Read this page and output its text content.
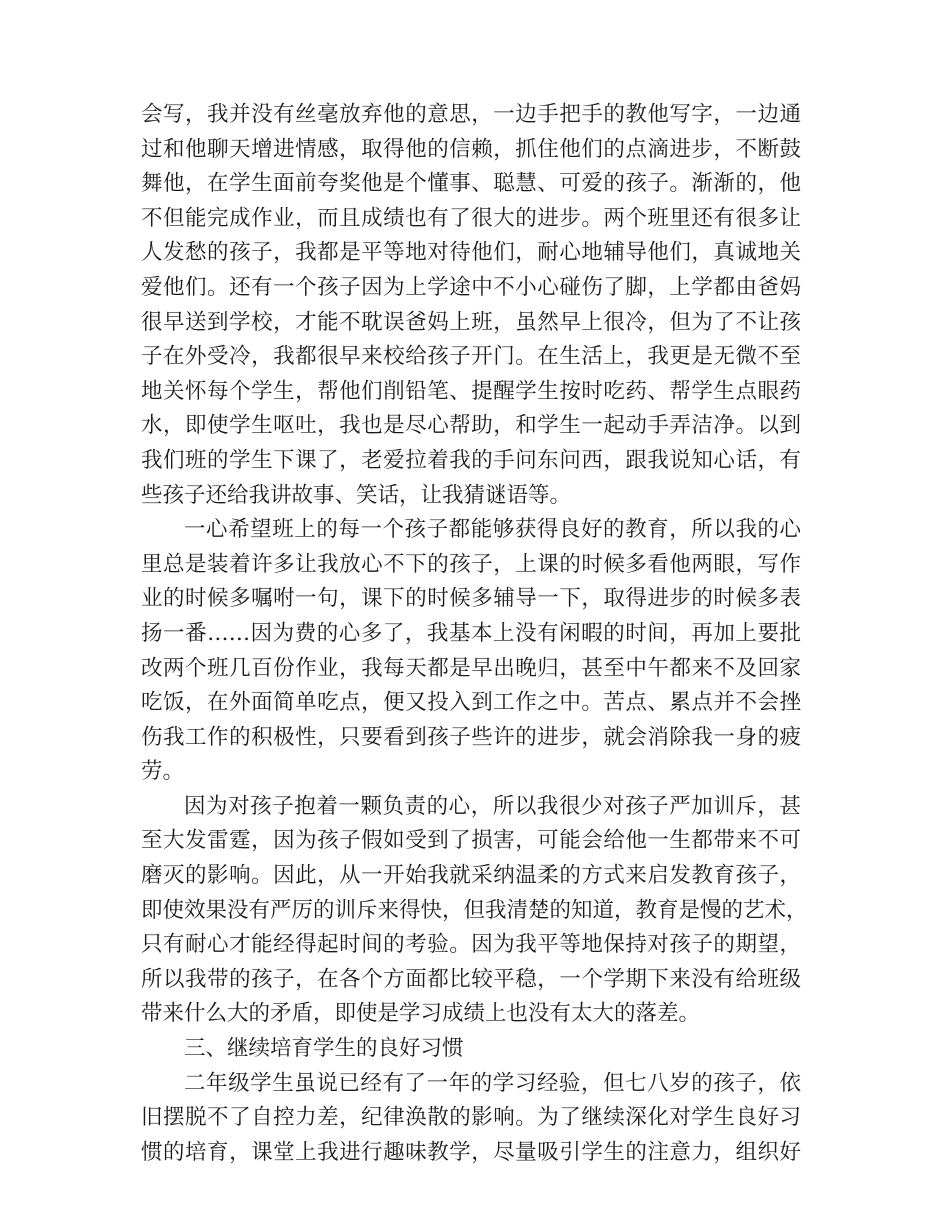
会写，我并没有丝毫放弃他的意思，一边手把手的教他写字，一边通
过和他聊天增进情感，取得他的信赖，抓住他们的点滴进步，不断鼓
舞他，在学生面前夸奖他是个懂事、聪慧、可爱的孩子。渐渐的，他
不但能完成作业，而且成绩也有了很大的进步。两个班里还有很多让
人发愁的孩子，我都是平等地对待他们，耐心地辅导他们，真诚地关
爱他们。还有一个孩子因为上学途中不小心碰伤了脚，上学都由爸妈
很早送到学校，才能不耽误爸妈上班，虽然早上很冷，但为了不让孩
子在外受冷，我都很早来校给孩子开门。在生活上，我更是无微不至
地关怀每个学生，帮他们削铅笔、提醒学生按时吃药、帮学生点眼药
水，即使学生呕吐，我也是尽心帮助，和学生一起动手弄洁净。以到
我们班的学生下课了，老爱拉着我的手问东问西，跟我说知心话，有
些孩子还给我讲故事、笑话，让我猜谜语等。
一心希望班上的每一个孩子都能够获得良好的教育，所以我的心
里总是装着许多让我放心不下的孩子，上课的时候多看他两眼，写作
业的时候多嘱咐一句，课下的时候多辅导一下，取得进步的时候多表
扬一番……因为费的心多了，我基本上没有闲暇的时间，再加上要批
改两个班几百份作业，我每天都是早出晚归，甚至中午都来不及回家
吃饭，在外面简单吃点，便又投入到工作之中。苦点、累点并不会挫
伤我工作的积极性，只要看到孩子些许的进步，就会消除我一身的疲
劳。
因为对孩子抱着一颗负责的心，所以我很少对孩子严加训斥，甚
至大发雷霆，因为孩子假如受到了损害，可能会给他一生都带来不可
磨灭的影响。因此，从一开始我就采纳温柔的方式来启发教育孩子，
即使效果没有严厉的训斥来得快，但我清楚的知道，教育是慢的艺术，
只有耐心才能经得起时间的考验。因为我平等地保持对孩子的期望，
所以我带的孩子，在各个方面都比较平稳，一个学期下来没有给班级
带来什么大的矛盾，即使是学习成绩上也没有太大的落差。
三、继续培育学生的良好习惯
二年级学生虽说已经有了一年的学习经验，但七八岁的孩子，依
旧摆脱不了自控力差，纪律涣散的影响。为了继续深化对学生良好习
惯的培育，课堂上我进行趣味教学，尽量吸引学生的注意力，组织好
